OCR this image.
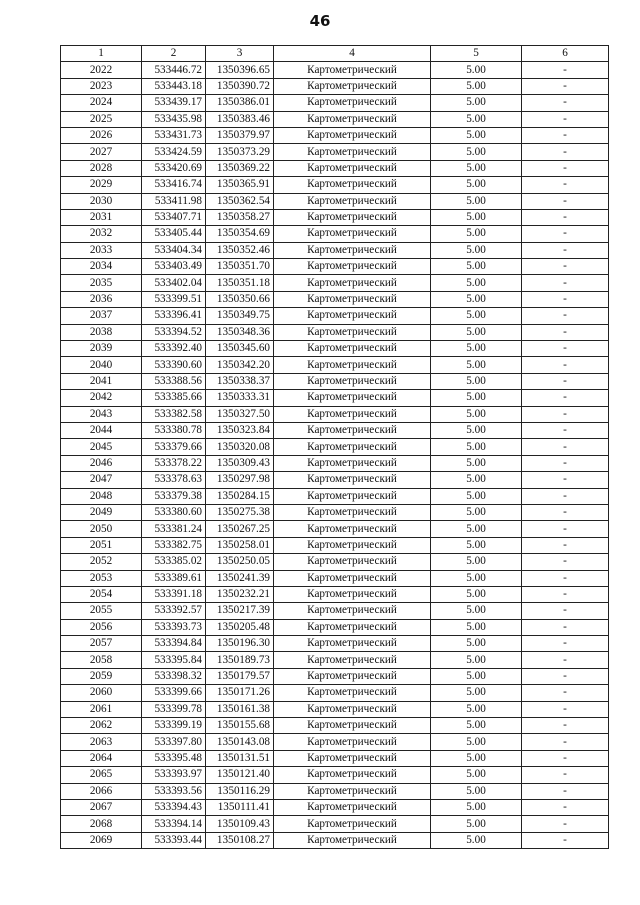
46
1	2	3	4	5	6
2022	533446.72	1350396.65	Картометрический	5.00	-
2023	533443.18	1350390.72	Картометрический	5.00	-
2024	533439.17	1350386.01	Картометрический	5.00	-
2025	533435.98	1350383.46	Картометрический	5.00	-
2026	533431.73	1350379.97	Картометрический	5.00	-
2027	533424.59	1350373.29	Картометрический	5.00	-
2028	533420.69	1350369.22	Картометрический	5.00	-
2029	533416.74	1350365.91	Картометрический	5.00	-
2030	533411.98	1350362.54	Картометрический	5.00	-
2031	533407.71	1350358.27	Картометрический	5.00	-
2032	533405.44	1350354.69	Картометрический	5.00	-
2033	533404.34	1350352.46	Картометрический	5.00	-
2034	533403.49	1350351.70	Картометрический	5.00	-
2035	533402.04	1350351.18	Картометрический	5.00	-
2036	533399.51	1350350.66	Картометрический	5.00	-
2037	533396.41	1350349.75	Картометрический	5.00	-
2038	533394.52	1350348.36	Картометрический	5.00	-
2039	533392.40	1350345.60	Картометрический	5.00	-
2040	533390.60	1350342.20	Картометрический	5.00	-
2041	533388.56	1350338.37	Картометрический	5.00	-
2042	533385.66	1350333.31	Картометрический	5.00	-
2043	533382.58	1350327.50	Картометрический	5.00	-
2044	533380.78	1350323.84	Картометрический	5.00	-
2045	533379.66	1350320.08	Картометрический	5.00	-
2046	533378.22	1350309.43	Картометрический	5.00	-
2047	533378.63	1350297.98	Картометрический	5.00	-
2048	533379.38	1350284.15	Картометрический	5.00	-
2049	533380.60	1350275.38	Картометрический	5.00	-
2050	533381.24	1350267.25	Картометрический	5.00	-
2051	533382.75	1350258.01	Картометрический	5.00	-
2052	533385.02	1350250.05	Картометрический	5.00	-
2053	533389.61	1350241.39	Картометрический	5.00	-
2054	533391.18	1350232.21	Картометрический	5.00	-
2055	533392.57	1350217.39	Картометрический	5.00	-
2056	533393.73	1350205.48	Картометрический	5.00	-
2057	533394.84	1350196.30	Картометрический	5.00	-
2058	533395.84	1350189.73	Картометрический	5.00	-
2059	533398.32	1350179.57	Картометрический	5.00	-
2060	533399.66	1350171.26	Картометрический	5.00	-
2061	533399.78	1350161.38	Картометрический	5.00	-
2062	533399.19	1350155.68	Картометрический	5.00	-
2063	533397.80	1350143.08	Картометрический	5.00	-
2064	533395.48	1350131.51	Картометрический	5.00	-
2065	533393.97	1350121.40	Картометрический	5.00	-
2066	533393.56	1350116.29	Картометрический	5.00	-
2067	533394.43	1350111.41	Картометрический	5.00	-
2068	533394.14	1350109.43	Картометрический	5.00	-
2069	533393.44	1350108.27	Картометрический	5.00	-
